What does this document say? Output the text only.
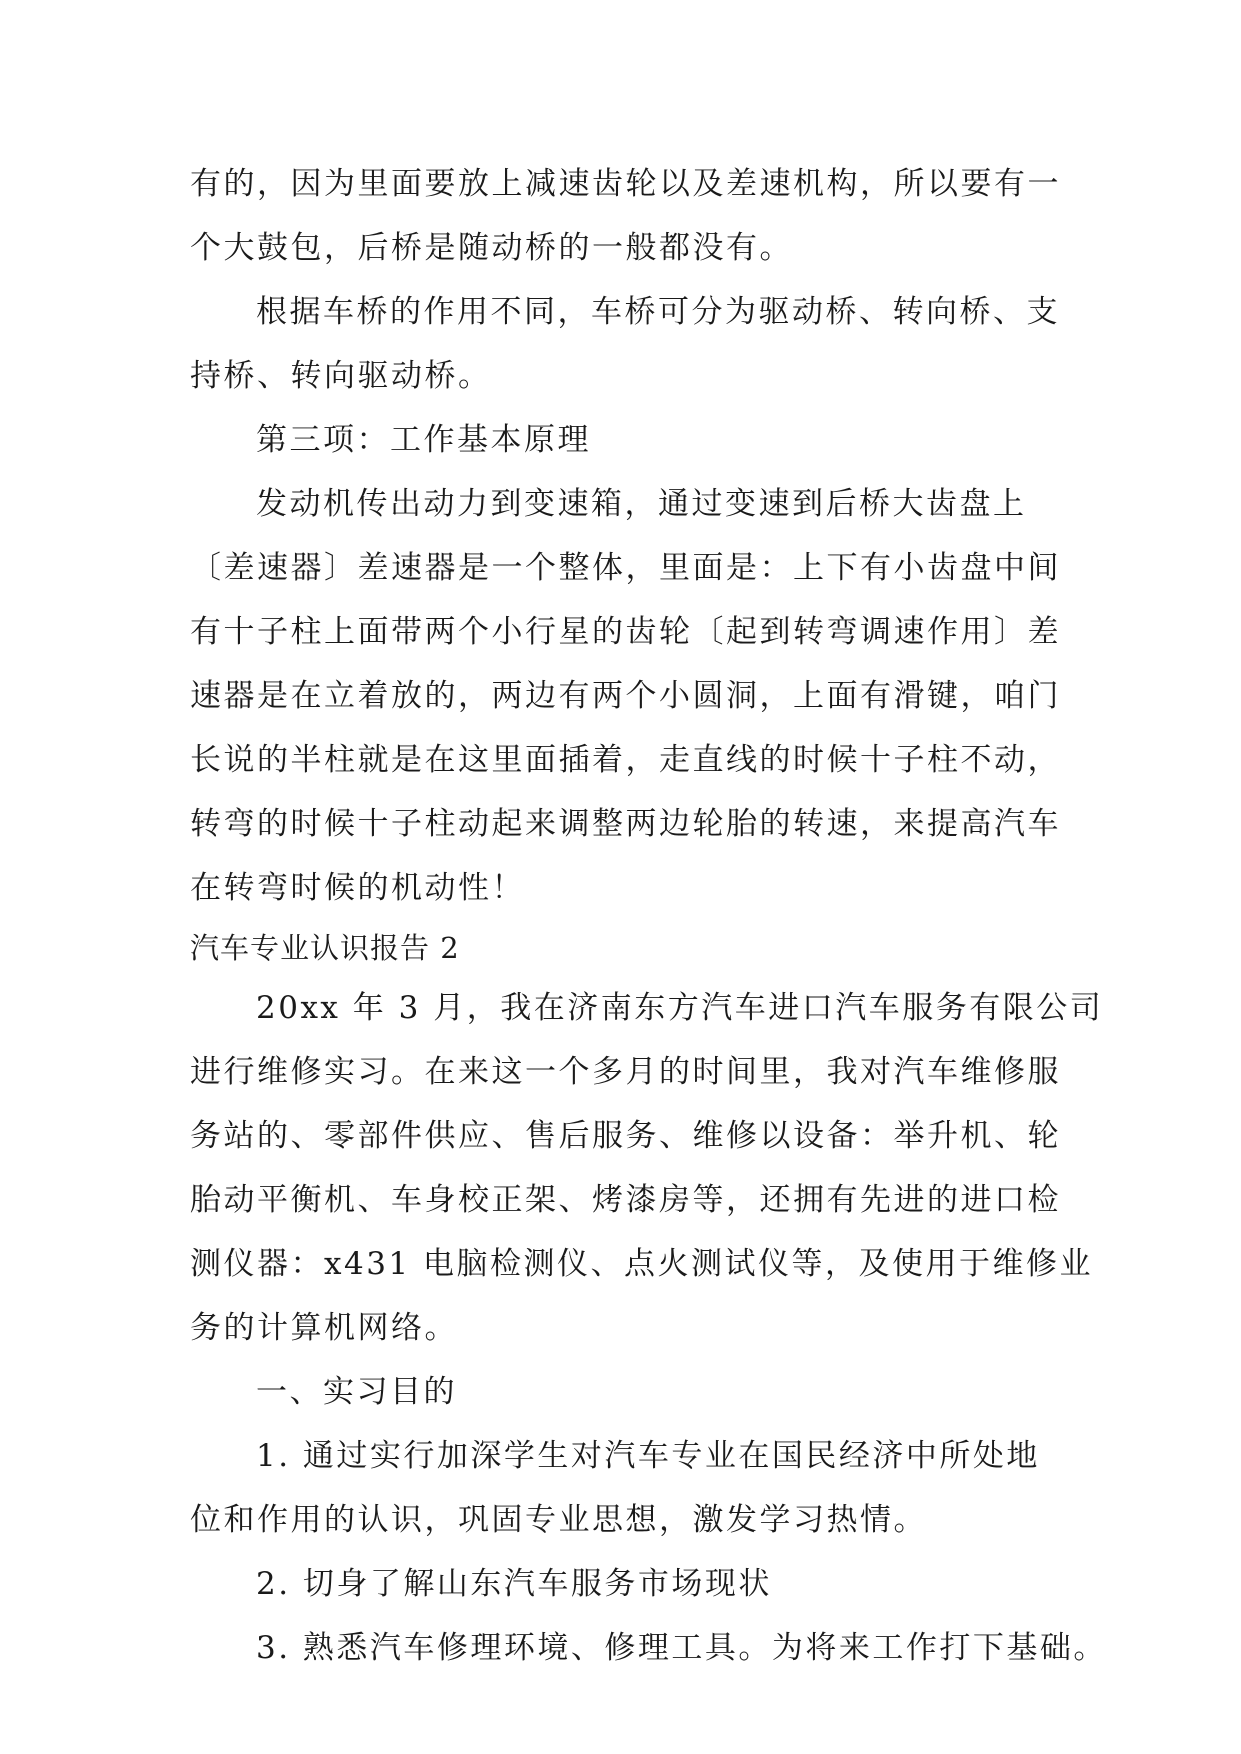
有的，因为里面要放上减速齿轮以及差速机构，所以要有一
个大鼓包，后桥是随动桥的一般都没有。
根据车桥的作用不同，车桥可分为驱动桥、转向桥、支
持桥、转向驱动桥。
第三项：工作基本原理
发动机传出动力到变速箱，通过变速到后桥大齿盘上
〔差速器〕差速器是一个整体，里面是：上下有小齿盘中间
有十子柱上面带两个小行星的齿轮〔起到转弯调速作用〕差
速器是在立着放的，两边有两个小圆洞，上面有滑键，咱门
长说的半柱就是在这里面插着，走直线的时候十子柱不动，
转弯的时候十子柱动起来调整两边轮胎的转速，来提高汽车
在转弯时候的机动性！
汽车专业认识报告 2
20xx 年 3 月，我在济南东方汽车进口汽车服务有限公司
进行维修实习。在来这一个多月的时间里，我对汽车维修服
务站的、零部件供应、售后服务、维修以设备：举升机、轮
胎动平衡机、车身校正架、烤漆房等，还拥有先进的进口检
测仪器：x431 电脑检测仪、点火测试仪等，及使用于维修业
务的计算机网络。
一、实习目的
1. 通过实行加深学生对汽车专业在国民经济中所处地
位和作用的认识，巩固专业思想，激发学习热情。
2. 切身了解山东汽车服务市场现状
3. 熟悉汽车修理环境、修理工具。为将来工作打下基础。
